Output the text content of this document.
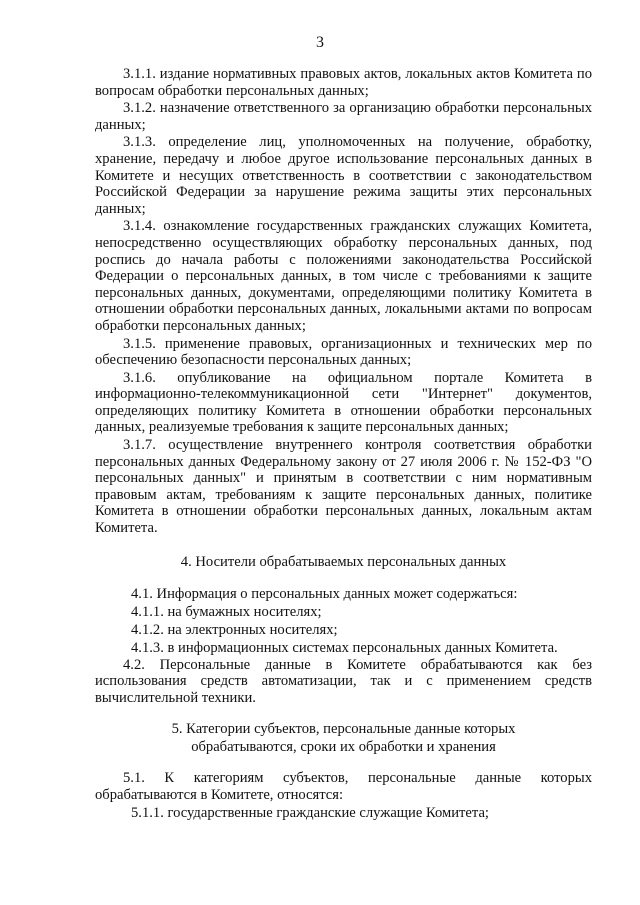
3

3.1.1. издание нормативных правовых актов, локальных актов Комитета по вопросам обработки персональных данных;

3.1.2. назначение ответственного за организацию обработки персональных данных;

3.1.3. определение лиц, уполномоченных на получение, обработку, хранение, передачу и любое другое использование персональных данных в Комитете и несущих ответственность в соответствии с законодательством Российской Федерации за нарушение режима защиты этих персональных данных;

3.1.4. ознакомление государственных гражданских служащих Комитета, непосредственно осуществляющих обработку персональных данных, под роспись до начала работы с положениями законодательства Российской Федерации о персональных данных, в том числе с требованиями к защите персональных данных, документами, определяющими политику Комитета в отношении обработки персональных данных, локальными актами по вопросам обработки персональных данных;

3.1.5. применение правовых, организационных и технических мер по обеспечению безопасности персональных данных;

3.1.6. опубликование на официальном портале Комитета в информационно-телекоммуникационной сети "Интернет" документов, определяющих политику Комитета в отношении обработки персональных данных, реализуемые требования к защите персональных данных;

3.1.7. осуществление внутреннего контроля соответствия обработки персональных данных Федеральному закону от 27 июля 2006 г. № 152-ФЗ "О персональных данных" и принятым в соответствии с ним нормативным правовым актам, требованиям к защите персональных данных, политике Комитета в отношении обработки персональных данных, локальным актам Комитета.

4. Носители обрабатываемых персональных данных

4.1. Информация о персональных данных может содержаться:

4.1.1. на бумажных носителях;

4.1.2. на электронных носителях;

4.1.3. в информационных системах персональных данных Комитета.

4.2. Персональные данные в Комитете обрабатываются как без использования средств автоматизации, так и с применением средств вычислительной техники.

5. Категории субъектов, персональные данные которых
обрабатываются, сроки их обработки и хранения

5.1. К категориям субъектов, персональные данные которых обрабатываются в Комитете, относятся:

5.1.1. государственные гражданские служащие Комитета;
